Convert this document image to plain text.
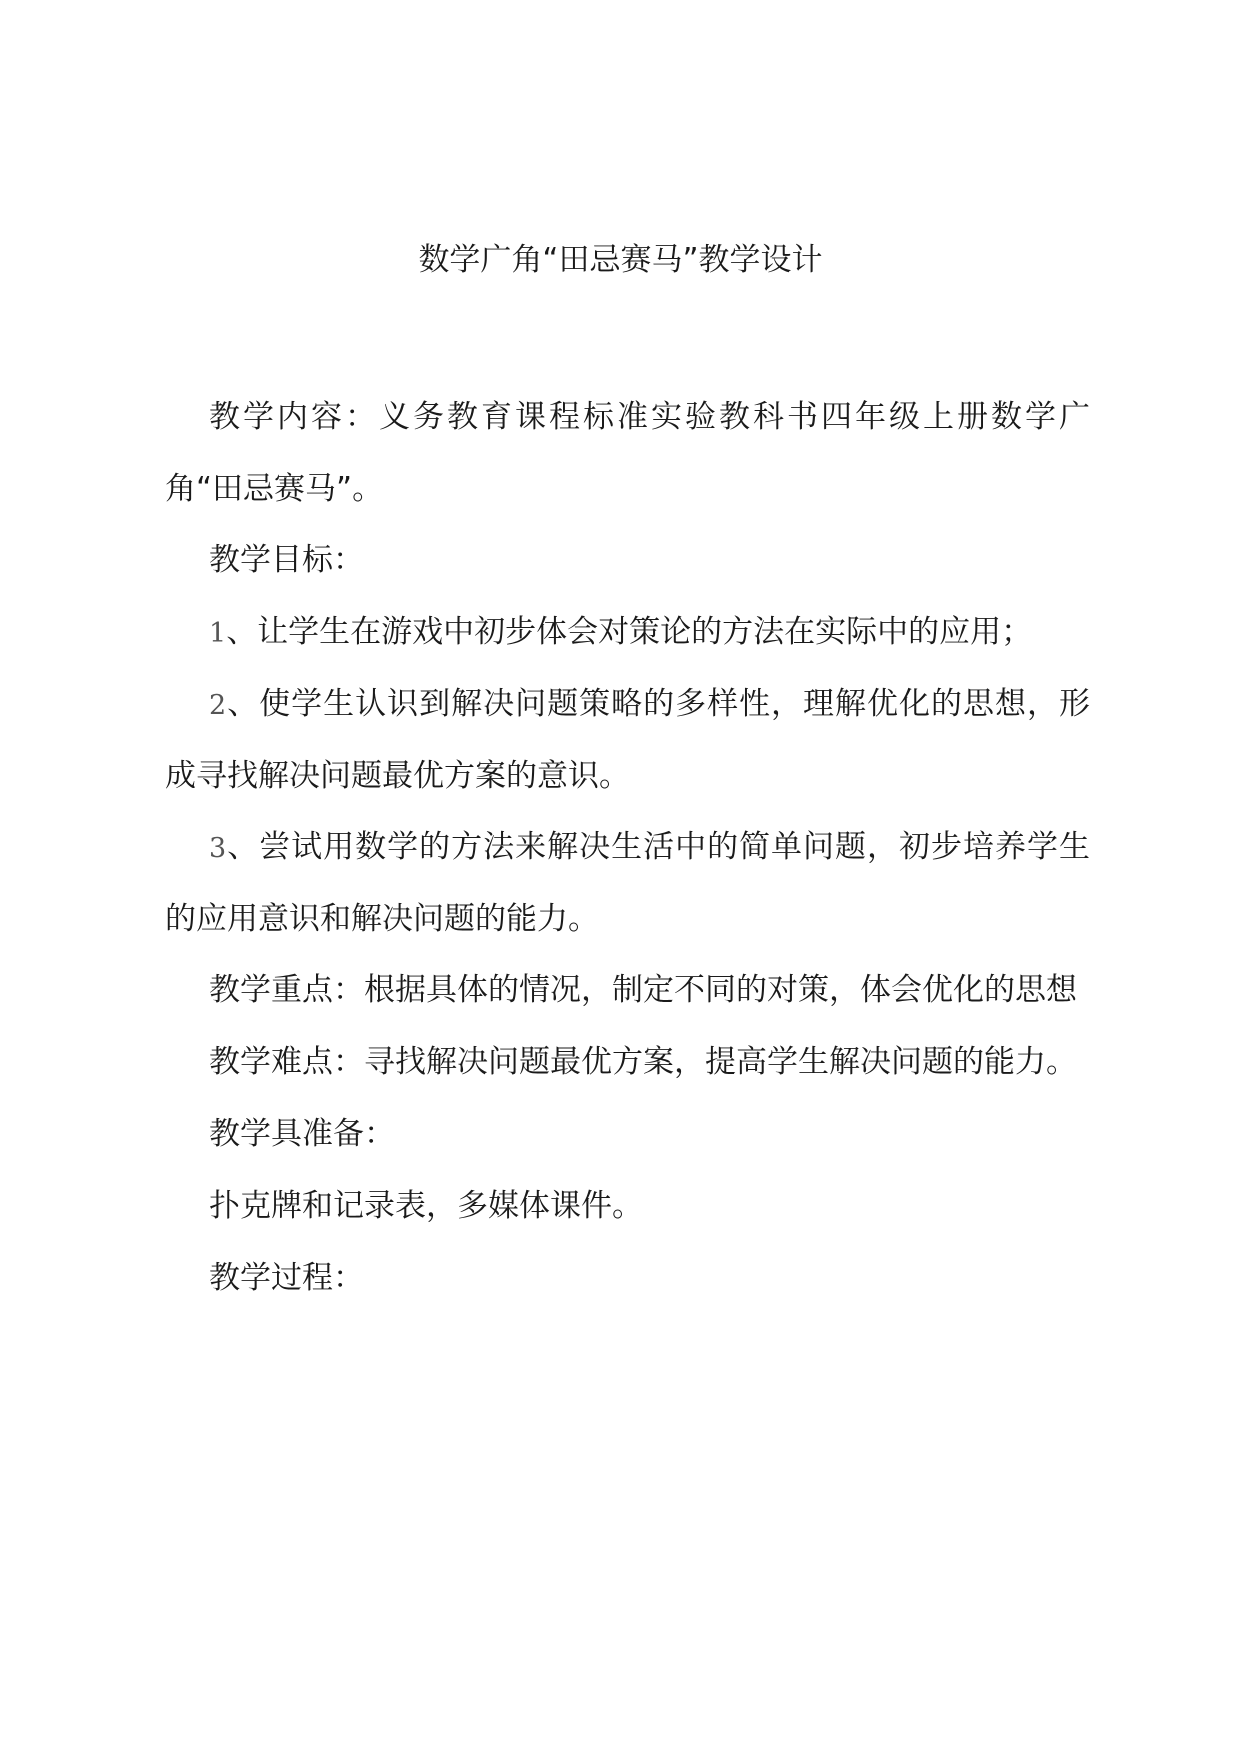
数学广角“田忌赛马”教学设计

教学内容：义务教育课程标准实验教科书四年级上册数学广角“田忌赛马”。

教学目标：

1、让学生在游戏中初步体会对策论的方法在实际中的应用；

2、使学生认识到解决问题策略的多样性，理解优化的思想，形成寻找解决问题最优方案的意识。

3、尝试用数学的方法来解决生活中的简单问题，初步培养学生的应用意识和解决问题的能力。

教学重点：根据具体的情况，制定不同的对策，体会优化的思想

教学难点：寻找解决问题最优方案，提高学生解决问题的能力。

教学具准备：

扑克牌和记录表，多媒体课件。

教学过程：
